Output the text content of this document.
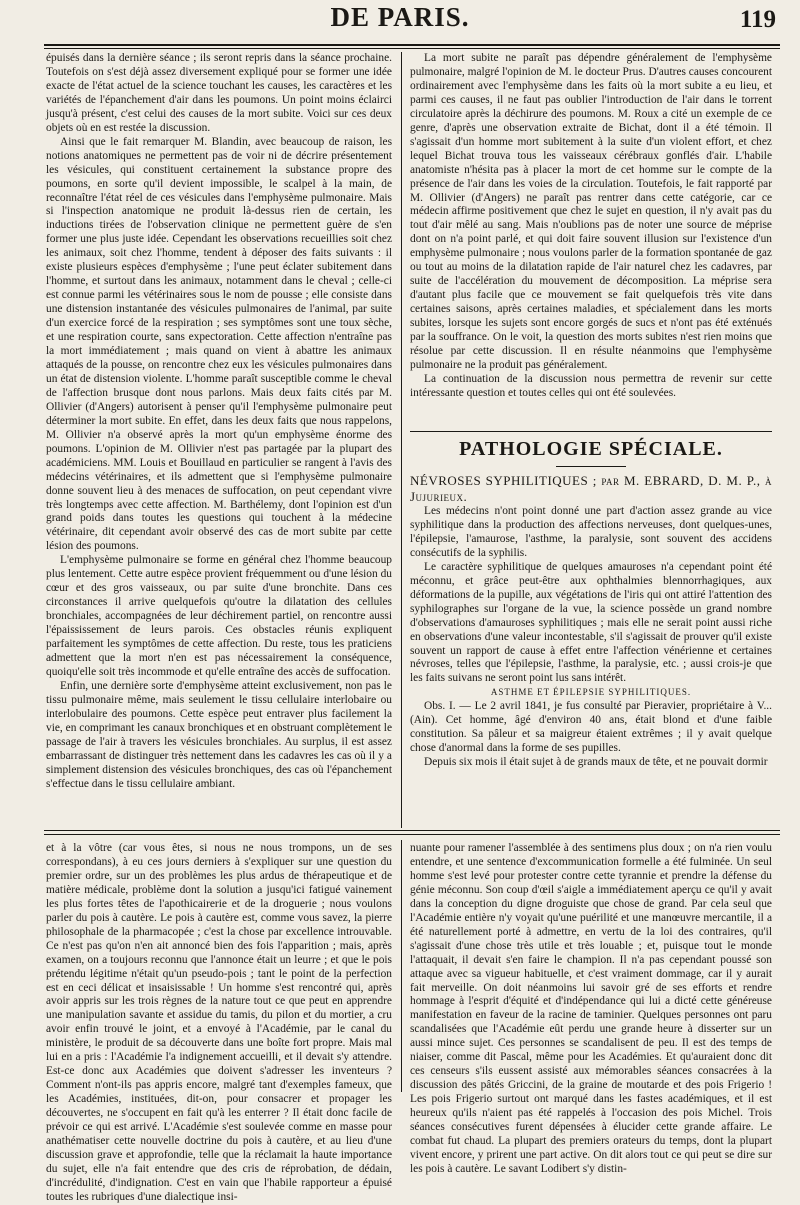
DE PARIS.	119

épuisés dans la dernière séance ; ils seront repris dans la séance prochaine. Toutefois on s'est déjà assez diversement expliqué pour se former une idée exacte de l'état actuel de la science touchant les causes, les caractères et les variétés de l'épanchement d'air dans les poumons. Un point moins éclairci jusqu'à présent, c'est celui des causes de la mort subite. Voici sur ces deux objets où en est restée la discussion.

Ainsi que le fait remarquer M. Blandin, avec beaucoup de raison, les notions anatomiques ne permettent pas de voir ni de décrire présentement les vésicules, qui constituent certainement la substance propre des poumons, en sorte qu'il devient impossible, le scalpel à la main, de reconnaître l'état réel de ces vésicules dans l'emphysème pulmonaire. Mais si l'inspection anatomique ne produit là-dessus rien de certain, les inductions tirées de l'observation clinique ne permettent guère de s'en former une plus juste idée. Cependant les observations recueillies soit chez les animaux, soit chez l'homme, tendent à déposer des faits suivants : il existe plusieurs espèces d'emphysème ; l'une peut éclater subitement dans l'homme, et surtout dans les animaux, notamment dans le cheval ; celle-ci est connue parmi les vétérinaires sous le nom de pousse ; elle consiste dans une distension instantanée des vésicules pulmonaires de l'animal, par suite d'un exercice forcé de la respiration ; ses symptômes sont une toux sèche, et une respiration courte, sans expectoration. Cette affection n'entraîne pas la mort immédiatement ; mais quand on vient à abattre les animaux attaqués de la pousse, on rencontre chez eux les vésicules pulmonaires dans un état de distension violente. L'homme paraît susceptible comme le cheval de l'affection brusque dont nous parlons. Mais deux faits cités par M. Ollivier (d'Angers) autorisent à penser qu'il l'emphysème pulmonaire peut déterminer la mort subite. En effet, dans les deux faits que nous rappelons, M. Ollivier n'a observé après la mort qu'un emphysème énorme des poumons. L'opinion de M. Ollivier n'est pas partagée par la plupart des académiciens. MM. Louis et Bouillaud en particulier se rangent à l'avis des médecins vétérinaires, et ils admettent que si l'emphysème pulmonaire donne souvent lieu à des menaces de suffocation, on peut cependant vivre très longtemps avec cette affection. M. Barthélemy, dont l'opinion est d'un grand poids dans toutes les questions qui touchent à la médecine vétérinaire, dit cependant avoir observé des cas de mort subite par cette lésion des poumons.

L'emphysème pulmonaire se forme en général chez l'homme beaucoup plus lentement. Cette autre espèce provient fréquemment ou d'une lésion du cœur et des gros vaisseaux, ou par suite d'une bronchite. Dans ces circonstances il arrive quelquefois qu'outre la dilatation des cellules bronchiales, accompagnées de leur déchirement partiel, on rencontre aussi l'épaississement de leurs parois. Ces obstacles réunis expliquent parfaitement les symptômes de cette affection. Du reste, tous les praticiens admettent que la mort n'en est pas nécessairement la conséquence, quoiqu'elle soit très incommode et qu'elle entraîne des accès de suffocation.

Enfin, une dernière sorte d'emphysème atteint exclusivement, non pas le tissu pulmonaire même, mais seulement le tissu cellulaire interlobaire ou interlobulaire des poumons. Cette espèce peut entraver plus facilement la vie, en comprimant les canaux bronchiques et en obstruant complètement le passage de l'air à travers les vésicules bronchiales. Au surplus, il est assez embarrassant de distinguer très nettement dans les cadavres les cas où il y a simplement distension des vésicules bronchiques, des cas où l'épanchement s'effectue dans le tissu cellulaire ambiant.

La mort subite ne paraît pas dépendre généralement de l'emphysème pulmonaire, malgré l'opinion de M. le docteur Prus. D'autres causes concourent ordinairement avec l'emphysème dans les faits où la mort subite a eu lieu, et parmi ces causes, il ne faut pas oublier l'introduction de l'air dans le torrent circulatoire après la déchirure des poumons. M. Roux a cité un exemple de ce genre, d'après une observation extraite de Bichat, dont il a été témoin. Il s'agissait d'un homme mort subitement à la suite d'un violent effort, et chez lequel Bichat trouva tous les vaisseaux cérébraux gonflés d'air. L'habile anatomiste n'hésita pas à placer la mort de cet homme sur le compte de la présence de l'air dans les voies de la circulation. Toutefois, le fait rapporté par M. Ollivier (d'Angers) ne paraît pas rentrer dans cette catégorie, car ce médecin affirme positivement que chez le sujet en question, il n'y avait pas du tout d'air mêlé au sang. Mais n'oublions pas de noter une source de méprise dont on n'a point parlé, et qui doit faire souvent illusion sur l'existence d'un emphysème pulmonaire ; nous voulons parler de la formation spontanée de gaz ou tout au moins de la dilatation rapide de l'air naturel chez les cadavres, par suite de l'accélération du mouvement de décomposition. La méprise sera d'autant plus facile que ce mouvement se fait quelquefois très vite dans certaines saisons, après certaines maladies, et spécialement dans les morts subites, lorsque les sujets sont encore gorgés de sucs et n'ont pas été exténués par la souffrance. On le voit, la question des morts subites n'est rien moins que résolue par cette discussion. Il en résulte néanmoins que l'emphysème pulmonaire ne la produit pas généralement.

La continuation de la discussion nous permettra de revenir sur cette intéressante question et toutes celles qui ont été soulevées.

PATHOLOGIE SPÉCIALE.

NÉVROSES SYPHILITIQUES ; par M. EBRARD, D. M. P., à Jujurieux.

Les médecins n'ont point donné une part d'action assez grande au vice syphilitique dans la production des affections nerveuses, dont quelques-unes, l'épilepsie, l'amaurose, l'asthme, la paralysie, sont souvent des accidens consécutifs de la syphilis.

Le caractère syphilitique de quelques amauroses n'a cependant point été méconnu, et grâce peut-être aux ophthalmies blennorrhagiques, aux déformations de la pupille, aux végétations de l'iris qui ont attiré l'attention des syphilographes sur l'organe de la vue, la science possède un grand nombre d'observations d'amauroses syphilitiques ; mais elle ne serait point aussi riche en observations d'une valeur incontestable, s'il s'agissait de prouver qu'il existe souvent un rapport de cause à effet entre l'affection vénérienne et certaines névroses, telles que l'épilepsie, l'asthme, la paralysie, etc. ; aussi crois-je que les faits suivans ne seront point lus sans intérêt.

ASTHME ET ÉPILEPSIE SYPHILITIQUES.

Obs. I. — Le 2 avril 1841, je fus consulté par Pieravier, propriétaire à V... (Ain). Cet homme, âgé d'environ 40 ans, était blond et d'une faible constitution. Sa pâleur et sa maigreur étaient extrêmes ; il y avait quelque chose d'anormal dans la forme de ses pupilles.

Depuis six mois il était sujet à de grands maux de tête, et ne pouvait dormir

et à la vôtre (car vous êtes, si nous ne nous trompons, un de ses correspondans), à eu ces jours derniers à s'expliquer sur une question du premier ordre, sur un des problèmes les plus ardus de thérapeutique et de matière médicale, problème dont la solution a jusqu'ici fatigué vainement les plus fortes têtes de l'apothicairerie et de la droguerie ; nous voulons parler du pois à cautère. Le pois à cautère est, comme vous savez, la pierre philosophale de la pharmacopée ; c'est la chose par excellence introuvable. Ce n'est pas qu'on n'en ait annoncé bien des fois l'apparition ; mais, après examen, on a toujours reconnu que l'annonce était un leurre ; et que le pois prétendu légitime n'était qu'un pseudo-pois ; tant le point de la perfection est en ceci délicat et insaisissable ! Un homme s'est rencontré qui, après avoir appris sur les trois règnes de la nature tout ce que peut en apprendre une manipulation savante et assidue du tamis, du pilon et du mortier, a cru avoir enfin trouvé le joint, et a envoyé à l'Académie, par le canal du ministère, le produit de sa découverte dans une boîte fort propre. Mais mal lui en a pris : l'Académie l'a indignement accueilli, et il devait s'y attendre. Est-ce donc aux Académies que doivent s'adresser les inventeurs ? Comment n'ont-ils pas appris encore, malgré tant d'exemples fameux, que les Académies, instituées, dit-on, pour consacrer et propager les découvertes, ne s'occupent en fait qu'à les enterrer ? Il était donc facile de prévoir ce qui est arrivé. L'Académie s'est soulevée comme en masse pour anathématiser cette nouvelle doctrine du pois à cautère, et au lieu d'une discussion grave et approfondie, telle que la réclamait la haute importance du sujet, elle n'a fait entendre que des cris de réprobation, de dédain, d'incrédulité, d'indignation. C'est en vain que l'habile rapporteur a épuisé toutes les rubriques d'une dialectique insi-

nuante pour ramener l'assemblée à des sentimens plus doux ; on n'a rien voulu entendre, et une sentence d'excommunication formelle a été fulminée. Un seul homme s'est levé pour protester contre cette tyrannie et prendre la défense du génie méconnu. Son coup d'œil s'aigle a immédiatement aperçu ce qu'il y avait dans la conception du digne droguiste que chose de grand. Par cela seul que l'Académie entière n'y voyait qu'une puérilité et une manœuvre mercantile, il a été naturellement porté à admettre, en vertu de la loi des contraires, qu'il s'agissait d'une chose très utile et très louable ; et, puisque tout le monde l'attaquait, il devait s'en faire le champion. Il n'a pas cependant poussé son attaque avec sa vigueur habituelle, et c'est vraiment dommage, car il y aurait fait merveille. On doit néanmoins lui savoir gré de ses efforts et rendre hommage à l'esprit d'équité et d'indépendance qui lui a dicté cette généreuse manifestation en faveur de la racine de taminier. Quelques personnes ont paru scandalisées que l'Académie eût perdu une grande heure à disserter sur un aussi mince sujet. Ces personnes se scandalisent de peu. Il est des temps de niaiser, comme dit Pascal, même pour les Académies. Et qu'auraient donc dit ces censeurs s'ils eussent assisté aux mémorables séances consacrées à la discussion des pâtés Griccini, de la graine de moutarde et des pois Frigerio ! Les pois Frigerio surtout ont marqué dans les fastes académiques, et il est heureux qu'ils n'aient pas été rappelés à l'occasion des pois Michel. Trois séances consécutives furent dépensées à élucider cette grande affaire. Le combat fut chaud. La plupart des premiers orateurs du temps, dont la plupart vivent encore, y prirent une part active. On dit alors tout ce qui peut se dire sur les pois à cautère. Le savant Lodibert s'y distin-
